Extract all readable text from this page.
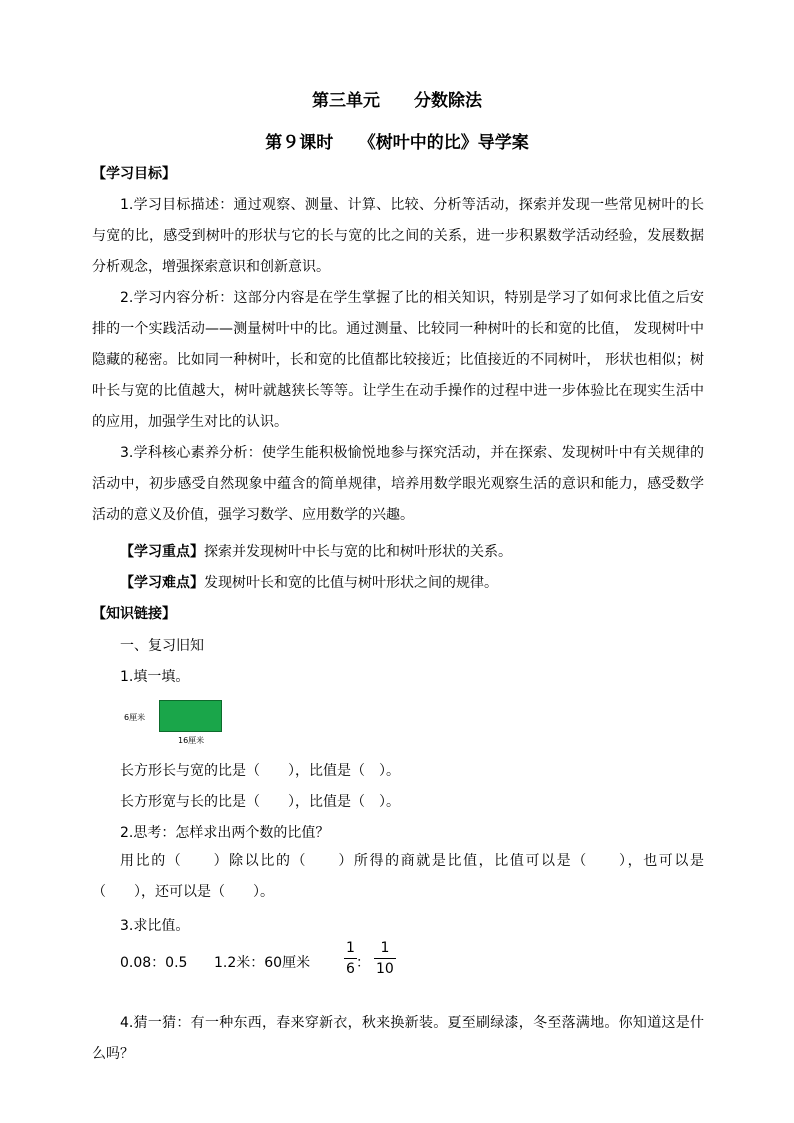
第三单元　　分数除法
第９课时　　《树叶中的比》导学案
【学习目标】
1.学习目标描述：通过观察、测量、计算、比较、分析等活动，探索并发现一些常见树叶的长与宽的比，感受到树叶的形状与它的长与宽的比之间的关系，进一步积累数学活动经验，发展数据分析观念，增强探索意识和创新意识。
2.学习内容分析：这部分内容是在学生掌握了比的相关知识，特别是学习了如何求比值之后安排的一个实践活动——测量树叶中的比。通过测量、比较同一种树叶的长和宽的比值， 发现树叶中隐藏的秘密。比如同一种树叶，长和宽的比值都比较接近；比值接近的不同树叶， 形状也相似；树叶长与宽的比值越大，树叶就越狭长等等。让学生在动手操作的过程中进一步体验比在现实生活中的应用，加强学生对比的认识。
3.学科核心素养分析：使学生能积极愉悦地参与探究活动，并在探索、发现树叶中有关规律的活动中，初步感受自然现象中蕴含的简单规律，培养用数学眼光观察生活的意识和能力，感受数学活动的意义及价值，强学习数学、应用数学的兴趣。
【学习重点】探索并发现树叶中长与宽的比和树叶形状的关系。
【学习难点】发现树叶长和宽的比值与树叶形状之间的规律。
【知识链接】
一、复习旧知
1.填一填。
6厘米
16厘米
长方形长与宽的比是（　　），比值是（　）。
长方形宽与长的比是（　　），比值是（　）。
2.思考：怎样求出两个数的比值？
用比的（　　）除以比的（　　）所得的商就是比值，比值可以是（　　），也可以是（　　），还可以是（　　）。
3.求比值。
0.08：0.5 1.2米：60厘米
1
6 ：
1
10
4.猜一猜：有一种东西，春来穿新衣，秋来换新装。夏至刷绿漆，冬至落满地。你知道这是什么吗？
